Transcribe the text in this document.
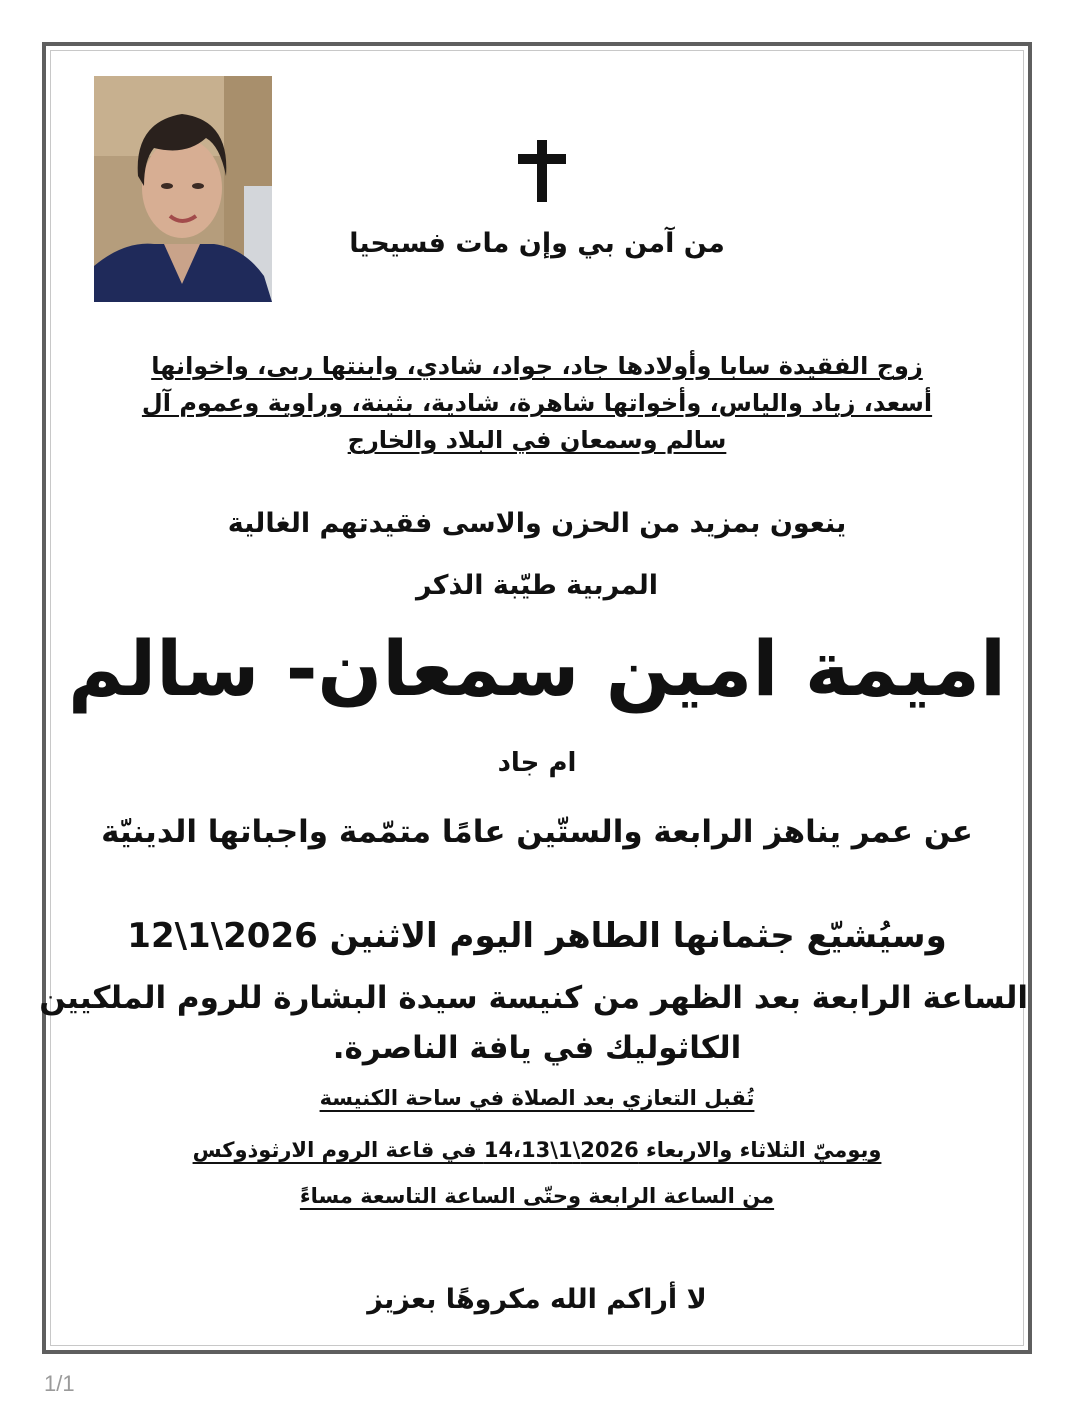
من آمن بي وإن مات فسيحيا
زوج الفقيدة سابا وأولادها جاد، جواد، شادي، وابنتها ربى، واخوانها أسعد، زياد والياس، وأخواتها شاهرة، شادية، بثينة، وراوية وعموم آل سالم وسمعان في البلاد والخارج
ينعون بمزيد من الحزن والاسى فقيدتهم الغالية
المربية طيّبة الذكر
اميمة امين سمعان- سالم
ام جاد
عن عمر يناهز الرابعة والستّين عامًا متمّمة واجباتها الدينيّة
وسيُشيّع جثمانها الطاهر اليوم الاثنين 2026\1\12
الساعة الرابعة بعد الظهر من كنيسة سيدة البشارة للروم الملكيين
الكاثوليك في يافة الناصرة.
تُقبل التعازي بعد الصلاة في ساحة الكنيسة
ويوميّ الثلاثاء والاربعاء 2026\1\14،13 في قاعة الروم الارثوذوكس
من الساعة الرابعة وحتّى الساعة التاسعة مساءً
لا أراكم الله مكروهًا بعزيز
1/1
